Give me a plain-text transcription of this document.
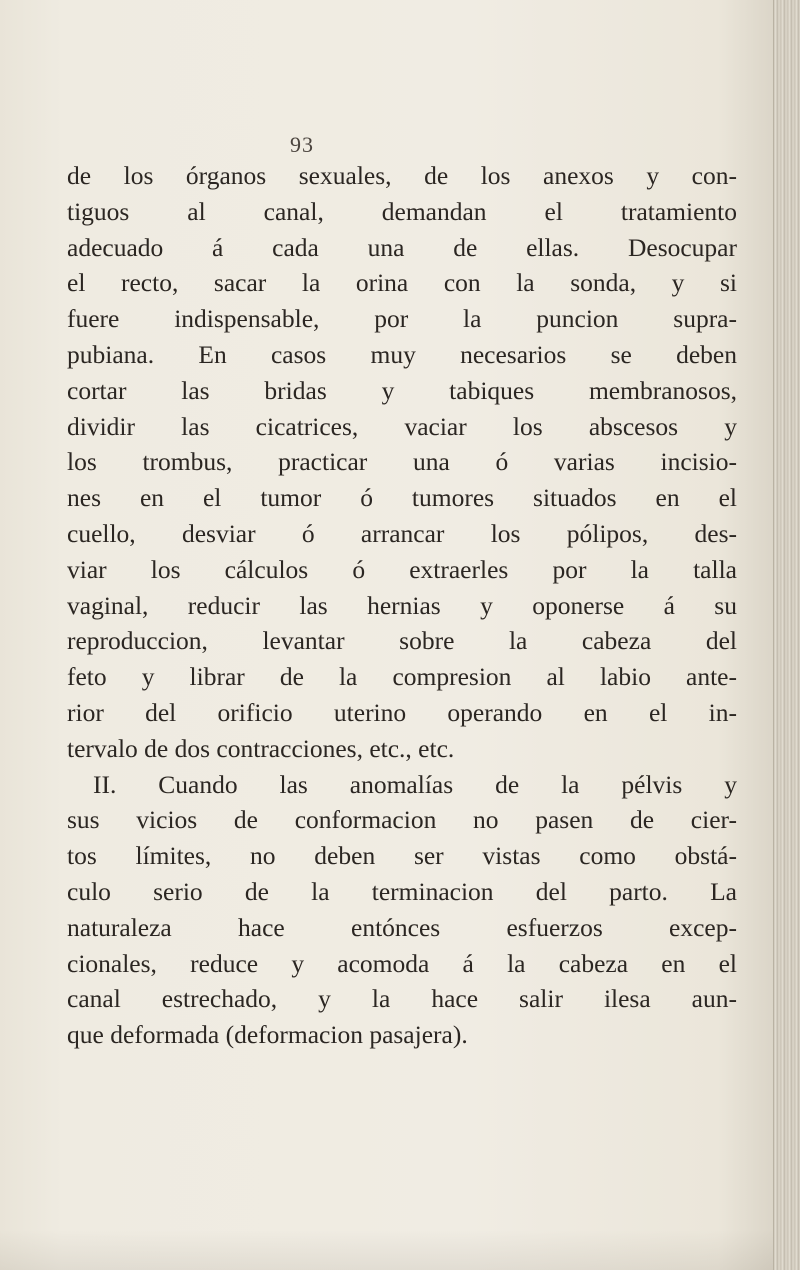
93
de los órganos sexuales, de los anexos y con-
tiguos al canal, demandan el tratamiento
adecuado á cada una de ellas. Desocupar
el recto, sacar la orina con la sonda, y si
fuere indispensable, por la puncion supra-
pubiana. En casos muy necesarios se deben
cortar las bridas y tabiques membranosos,
dividir las cicatrices, vaciar los abscesos y
los trombus, practicar una ó varias incisio-
nes en el tumor ó tumores situados en el
cuello, desviar ó arrancar los pólipos, des-
viar los cálculos ó extraerles por la talla
vaginal, reducir las hernias y oponerse á su
reproduccion, levantar sobre la cabeza del
feto y librar de la compresion al labio ante-
rior del orificio uterino operando en el in-
tervalo de dos contracciones, etc., etc.
II. Cuando las anomalías de la pélvis y
sus vicios de conformacion no pasen de cier-
tos límites, no deben ser vistas como obstá-
culo serio de la terminacion del parto. La
naturaleza hace entónces esfuerzos excep-
cionales, reduce y acomoda á la cabeza en el
canal estrechado, y la hace salir ilesa aun-
que deformada (deformacion pasajera).
